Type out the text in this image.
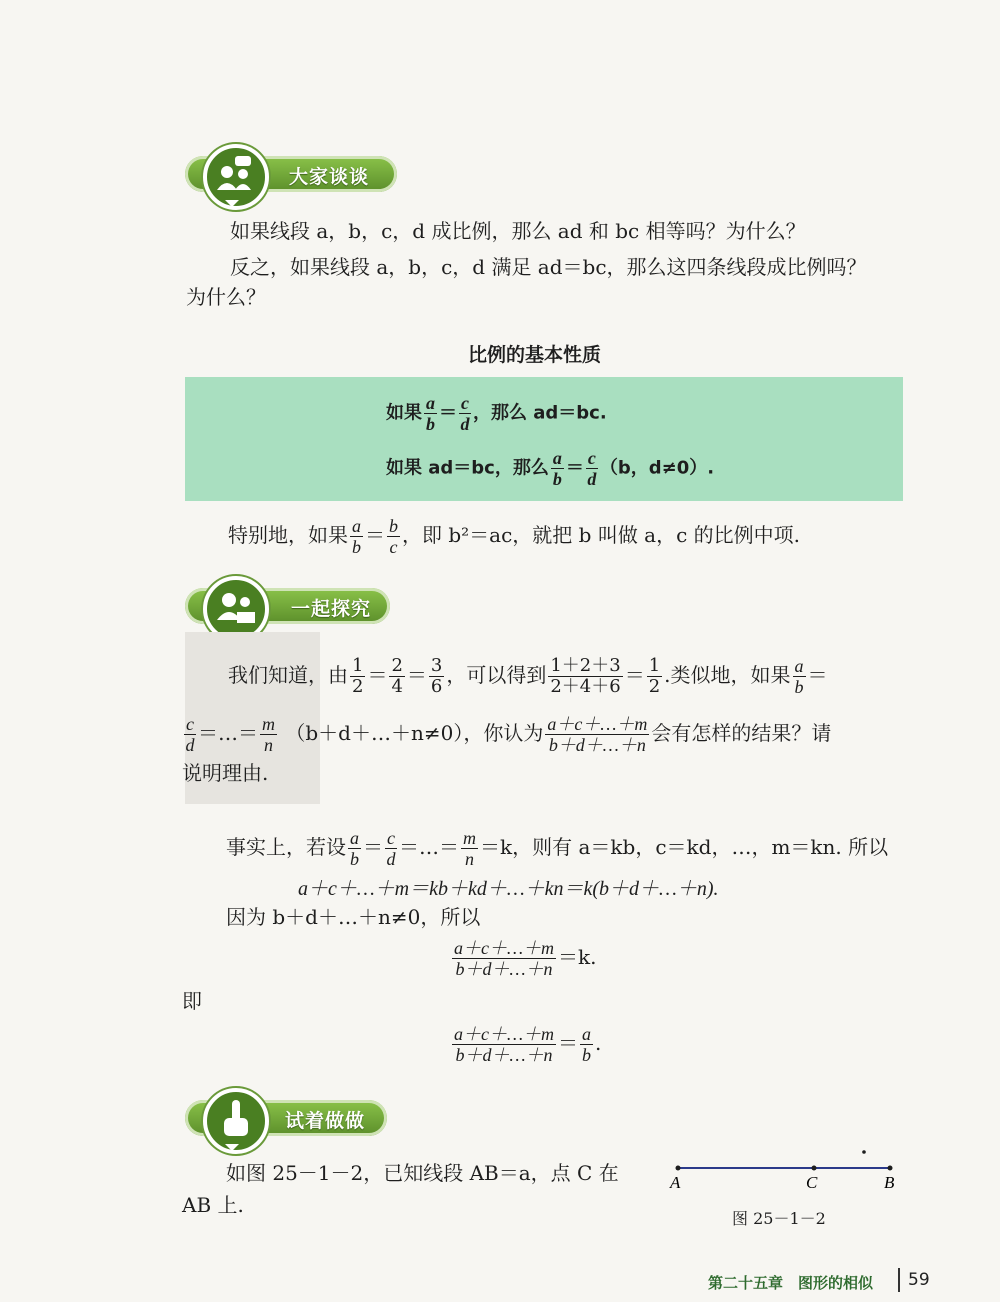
大家谈谈
如果线段 a，b，c，d 成比例，那么 ad 和 bc 相等吗？为什么？
反之，如果线段 a，b，c，d 满足 ad＝bc，那么这四条线段成比例吗？
为什么？
比例的基本性质
如果 $\frac{a}{b} = \frac{c}{d}$ ，那么 ad＝bc.
如果 ad＝bc，那么 $\frac{a}{b} = \frac{c}{d} (b$，d≠0）.
特别地，如果 $\frac{a}{b} = \frac{b}{c}$ ，即 b²＝ac，就把 b 叫做 a，c 的比例中项.
一起探究
我们知道，由 $\frac{1}{2} = \frac{2}{4} = \frac{3}{6}$ ，可以得到 $\frac{1+2+3}{2+4+6} = \frac{1}{2}$ .类似地，如果 $\frac{a}{b}$ ＝
$\frac{c}{d}$ ＝…＝ $\frac{m}{n}$ （b＋d＋…＋n≠0），你认为 $\frac{a+c+\dots+m}{b+d+\dots+n}$ 会有怎样的结果？请
说明理由.
事实上，若设 $\frac{a}{b} = \frac{c}{d}$ ＝…＝ $\frac{m}{n} =k$，则有 a＝kb，c＝kd，…，m＝kn. 所以
a＋c＋…＋m＝kb＋kd＋…＋kn＝k(b＋d＋…＋n).
因为 b＋d＋…＋n≠0，所以
$\frac{a+c+\dots+m}{b+d+\dots+n} =k$.
即
$\frac{a+c+\dots+m}{b+d+\dots+n} = \frac{a}{b}$ .
试着做做
如图 25－1－2，已知线段 AB＝a，点 C 在
AB 上.
A	C	B
图 25－1－2
第二十五章　图形的相似 59
